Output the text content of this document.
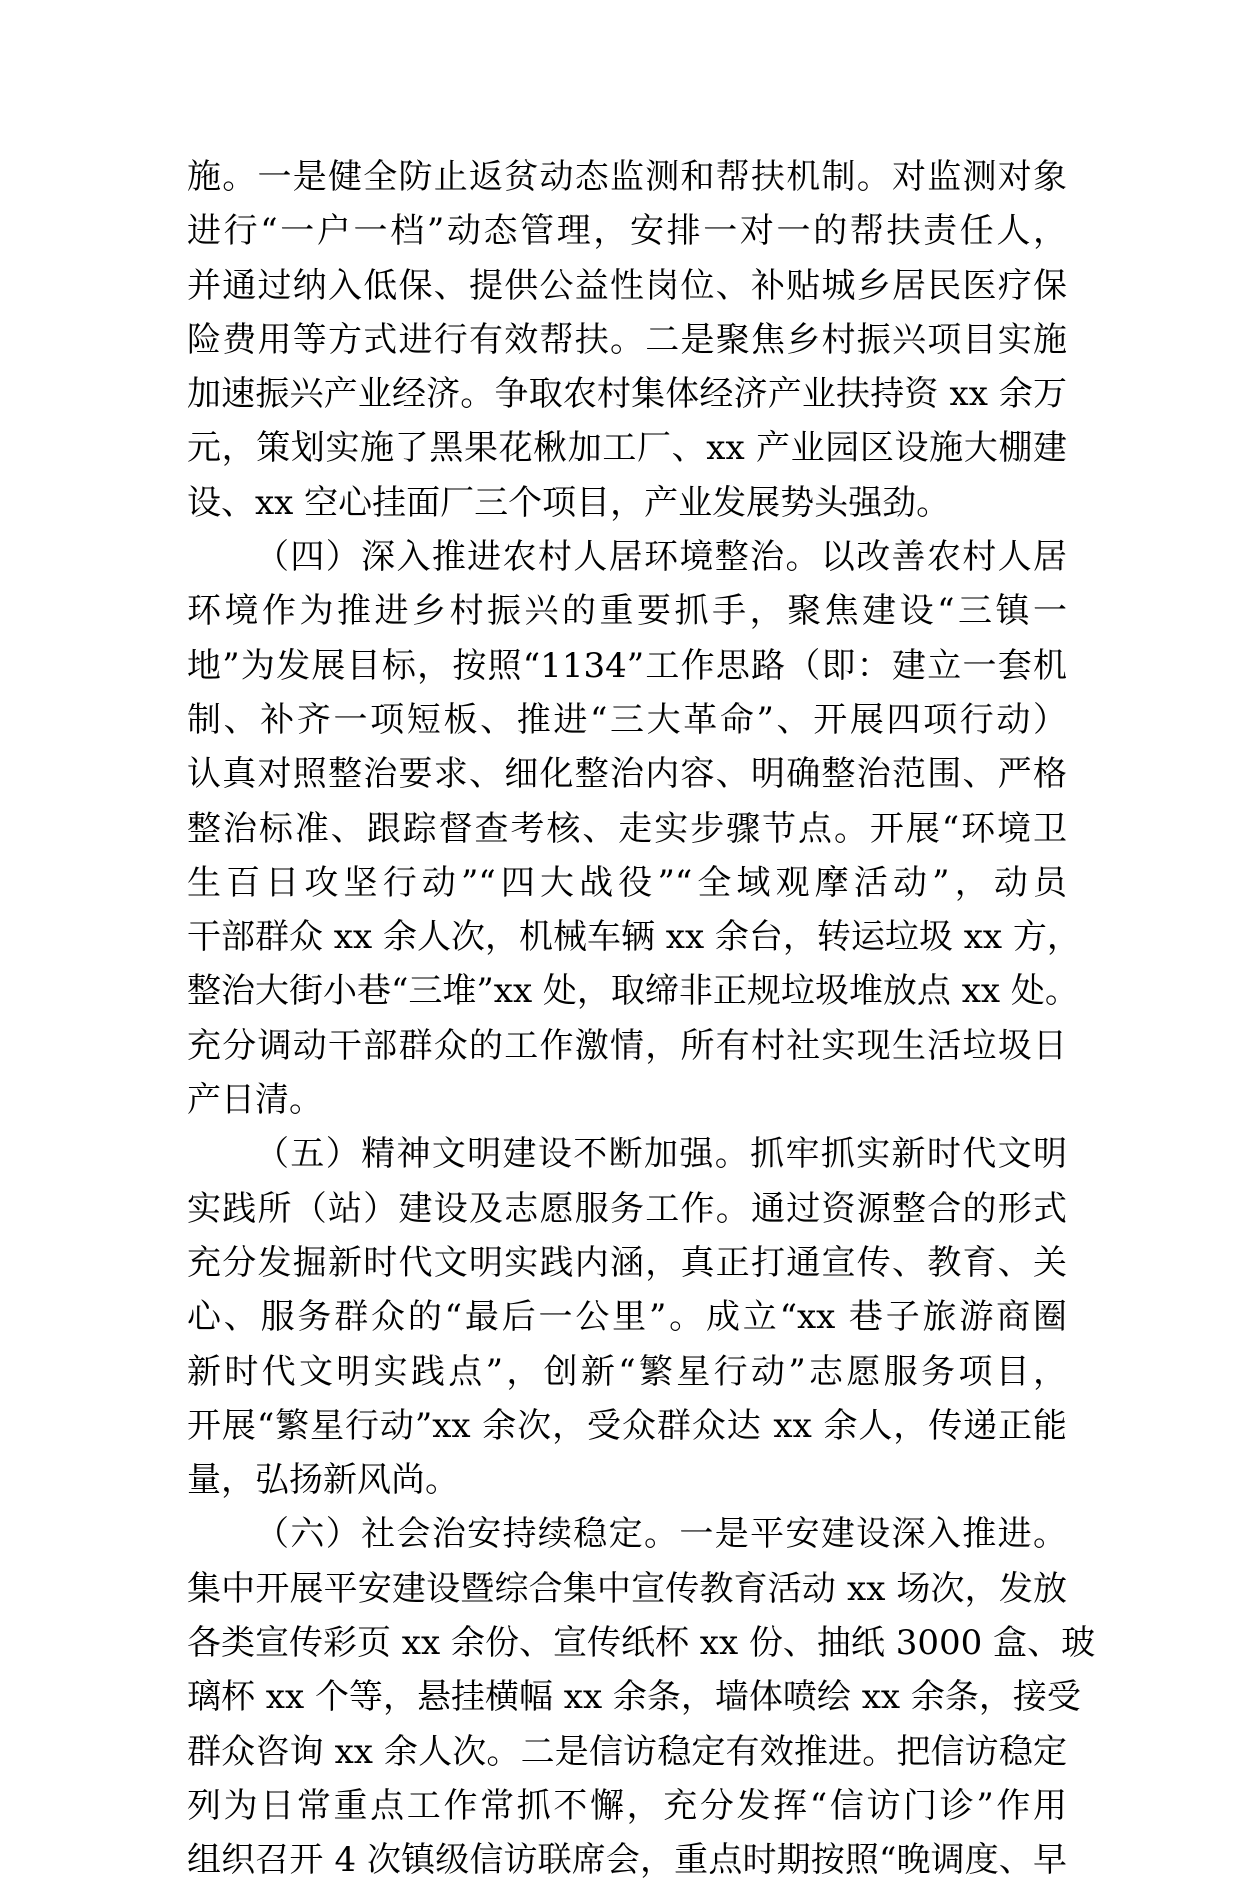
施。一是健全防止返贫动态监测和帮扶机制。对监测对象
进行“一户一档”动态管理，安排一对一的帮扶责任人，
并通过纳入低保、提供公益性岗位、补贴城乡居民医疗保
险费用等方式进行有效帮扶。二是聚焦乡村振兴项目实施
加速振兴产业经济。争取农村集体经济产业扶持资 xx 余万
元，策划实施了黑果花楸加工厂、xx 产业园区设施大棚建
设、xx 空心挂面厂三个项目，产业发展势头强劲。
（四）深入推进农村人居环境整治。以改善农村人居
环境作为推进乡村振兴的重要抓手，聚焦建设“三镇一
地”为发展目标，按照“1134”工作思路（即：建立一套机
制、补齐一项短板、推进“三大革命”、开展四项行动）
认真对照整治要求、细化整治内容、明确整治范围、严格
整治标准、跟踪督查考核、走实步骤节点。开展“环境卫
生百日攻坚行动”“四大战役”“全域观摩活动”，动员
干部群众 xx 余人次，机械车辆 xx 余台，转运垃圾 xx 方，
整治大街小巷“三堆”xx 处，取缔非正规垃圾堆放点 xx 处。
充分调动干部群众的工作激情，所有村社实现生活垃圾日
产日清。
（五）精神文明建设不断加强。抓牢抓实新时代文明
实践所（站）建设及志愿服务工作。通过资源整合的形式
充分发掘新时代文明实践内涵，真正打通宣传、教育、关
心、服务群众的“最后一公里”。成立“xx 巷子旅游商圈
新时代文明实践点”，创新“繁星行动”志愿服务项目，
开展“繁星行动”xx 余次，受众群众达 xx 余人，传递正能
量，弘扬新风尚。
（六）社会治安持续稳定。一是平安建设深入推进。
集中开展平安建设暨综合集中宣传教育活动 xx 场次，发放
各类宣传彩页 xx 余份、宣传纸杯 xx 份、抽纸 3000 盒、玻
璃杯 xx 个等，悬挂横幅 xx 余条，墙体喷绘 xx 余条，接受
群众咨询 xx 余人次。二是信访稳定有效推进。把信访稳定
列为日常重点工作常抓不懈，充分发挥“信访门诊”作用
组织召开 4 次镇级信访联席会，重点时期按照“晚调度、早
